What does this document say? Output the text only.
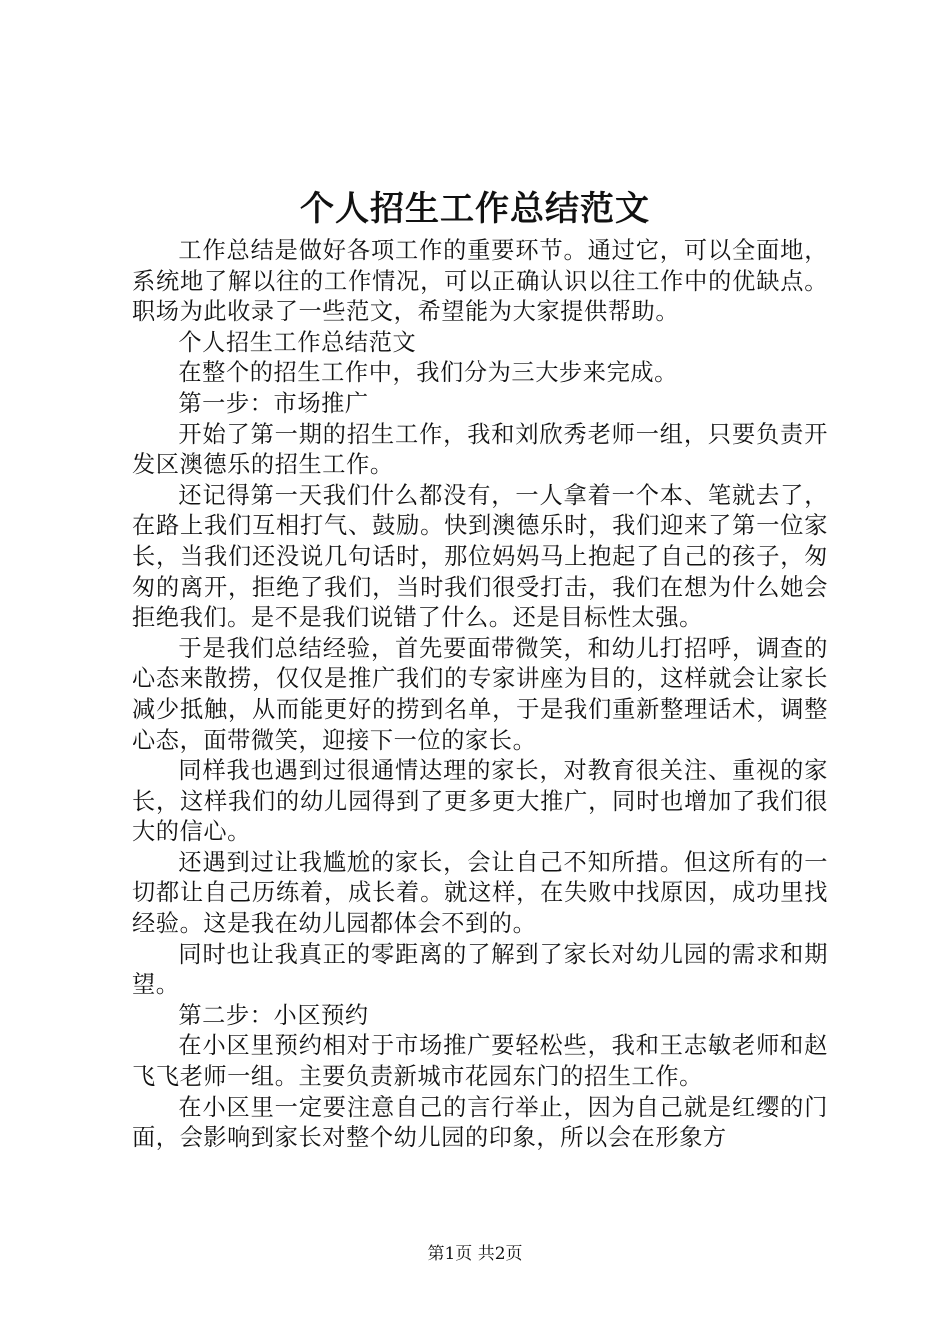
个人招生工作总结范文

工作总结是做好各项工作的重要环节。通过它，可以全面地，系统地了解以往的工作情况，可以正确认识以往工作中的优缺点。职场为此收录了一些范文，希望能为大家提供帮助。

个人招生工作总结范文

在整个的招生工作中，我们分为三大步来完成。

第一步：市场推广

开始了第一期的招生工作，我和刘欣秀老师一组，只要负责开发区澳德乐的招生工作。

还记得第一天我们什么都没有，一人拿着一个本、笔就去了，在路上我们互相打气、鼓励。快到澳德乐时，我们迎来了第一位家长，当我们还没说几句话时，那位妈妈马上抱起了自己的孩子，匆匆的离开，拒绝了我们，当时我们很受打击，我们在想为什么她会拒绝我们。是不是我们说错了什么。还是目标性太强。

于是我们总结经验，首先要面带微笑，和幼儿打招呼，调查的心态来散捞，仅仅是推广我们的专家讲座为目的，这样就会让家长减少抵触，从而能更好的捞到名单，于是我们重新整理话术，调整心态，面带微笑，迎接下一位的家长。

同样我也遇到过很通情达理的家长，对教育很关注、重视的家长，这样我们的幼儿园得到了更多更大推广，同时也增加了我们很大的信心。

还遇到过让我尴尬的家长，会让自己不知所措。但这所有的一切都让自己历练着，成长着。就这样，在失败中找原因，成功里找经验。这是我在幼儿园都体会不到的。

同时也让我真正的零距离的了解到了家长对幼儿园的需求和期望。

第二步：小区预约

在小区里预约相对于市场推广要轻松些，我和王志敏老师和赵飞飞老师一组。主要负责新城市花园东门的招生工作。

在小区里一定要注意自己的言行举止，因为自己就是红缨的门面，会影响到家长对整个幼儿园的印象，所以会在形象方

第1页 共2页
